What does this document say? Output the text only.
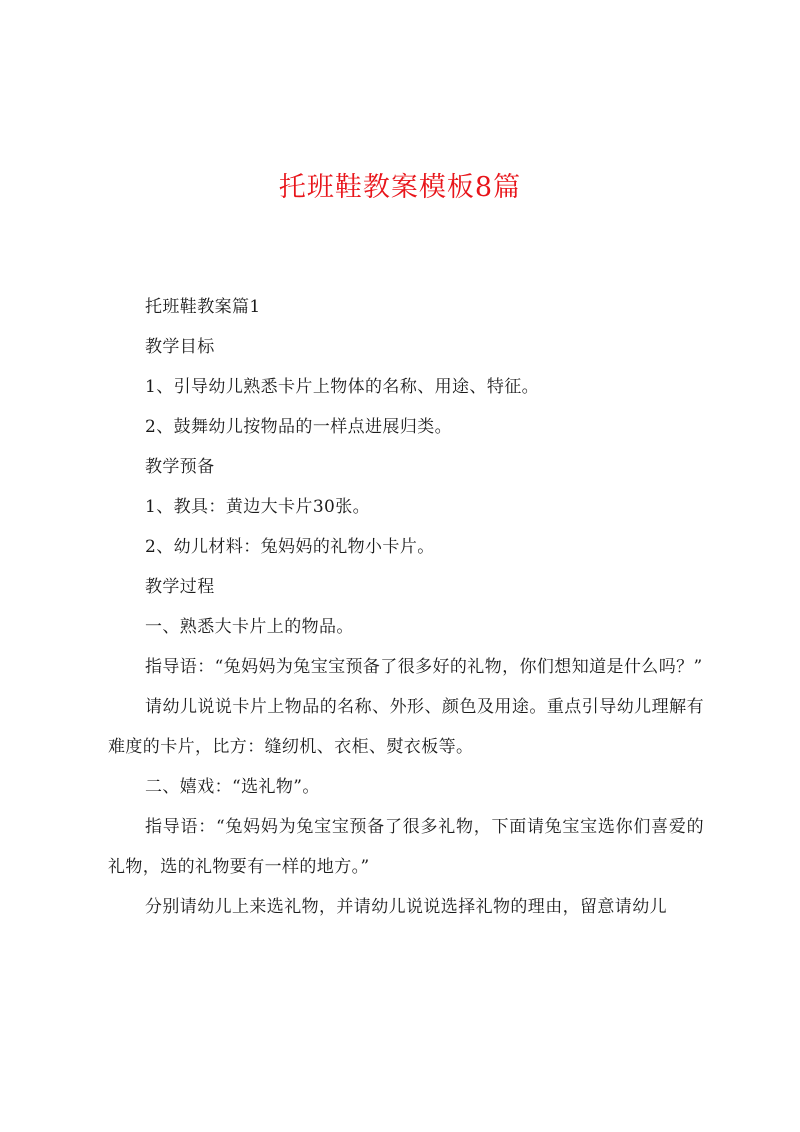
托班鞋教案模板8篇

托班鞋教案篇1

教学目标

1、引导幼儿熟悉卡片上物体的名称、用途、特征。

2、鼓舞幼儿按物品的一样点进展归类。

教学预备

1、教具：黄边大卡片30张。

2、幼儿材料：兔妈妈的礼物小卡片。

教学过程

一、熟悉大卡片上的物品。

指导语：“兔妈妈为兔宝宝预备了很多好的礼物，你们想知道是什么吗？”

请幼儿说说卡片上物品的名称、外形、颜色及用途。重点引导幼儿理解有难度的卡片，比方：缝纫机、衣柜、熨衣板等。

二、嬉戏：“选礼物”。

指导语：“兔妈妈为兔宝宝预备了很多礼物，下面请兔宝宝选你们喜爱的礼物，选的礼物要有一样的地方。”

分别请幼儿上来选礼物，并请幼儿说说选择礼物的理由，留意请幼儿
